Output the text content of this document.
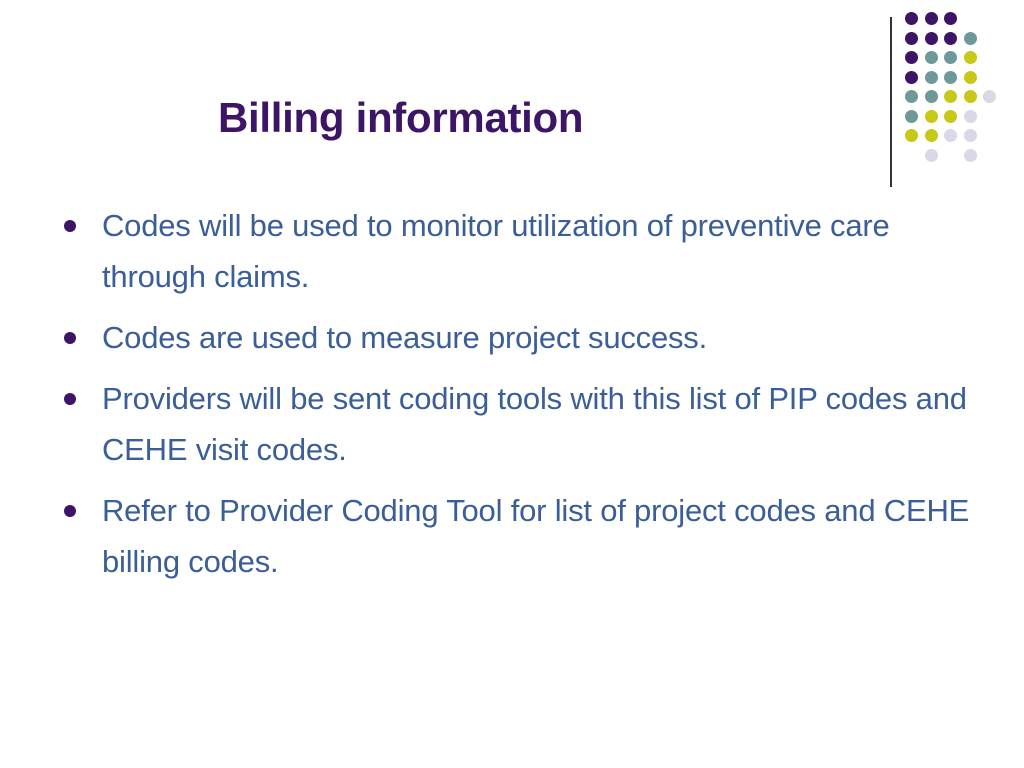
Billing information
Codes will be used to monitor utilization of preventive care through claims.
Codes are used to measure project success.
Providers will be sent coding tools with this list of PIP codes and CEHE visit codes.
Refer to Provider Coding Tool for list of project codes and CEHE billing codes.
